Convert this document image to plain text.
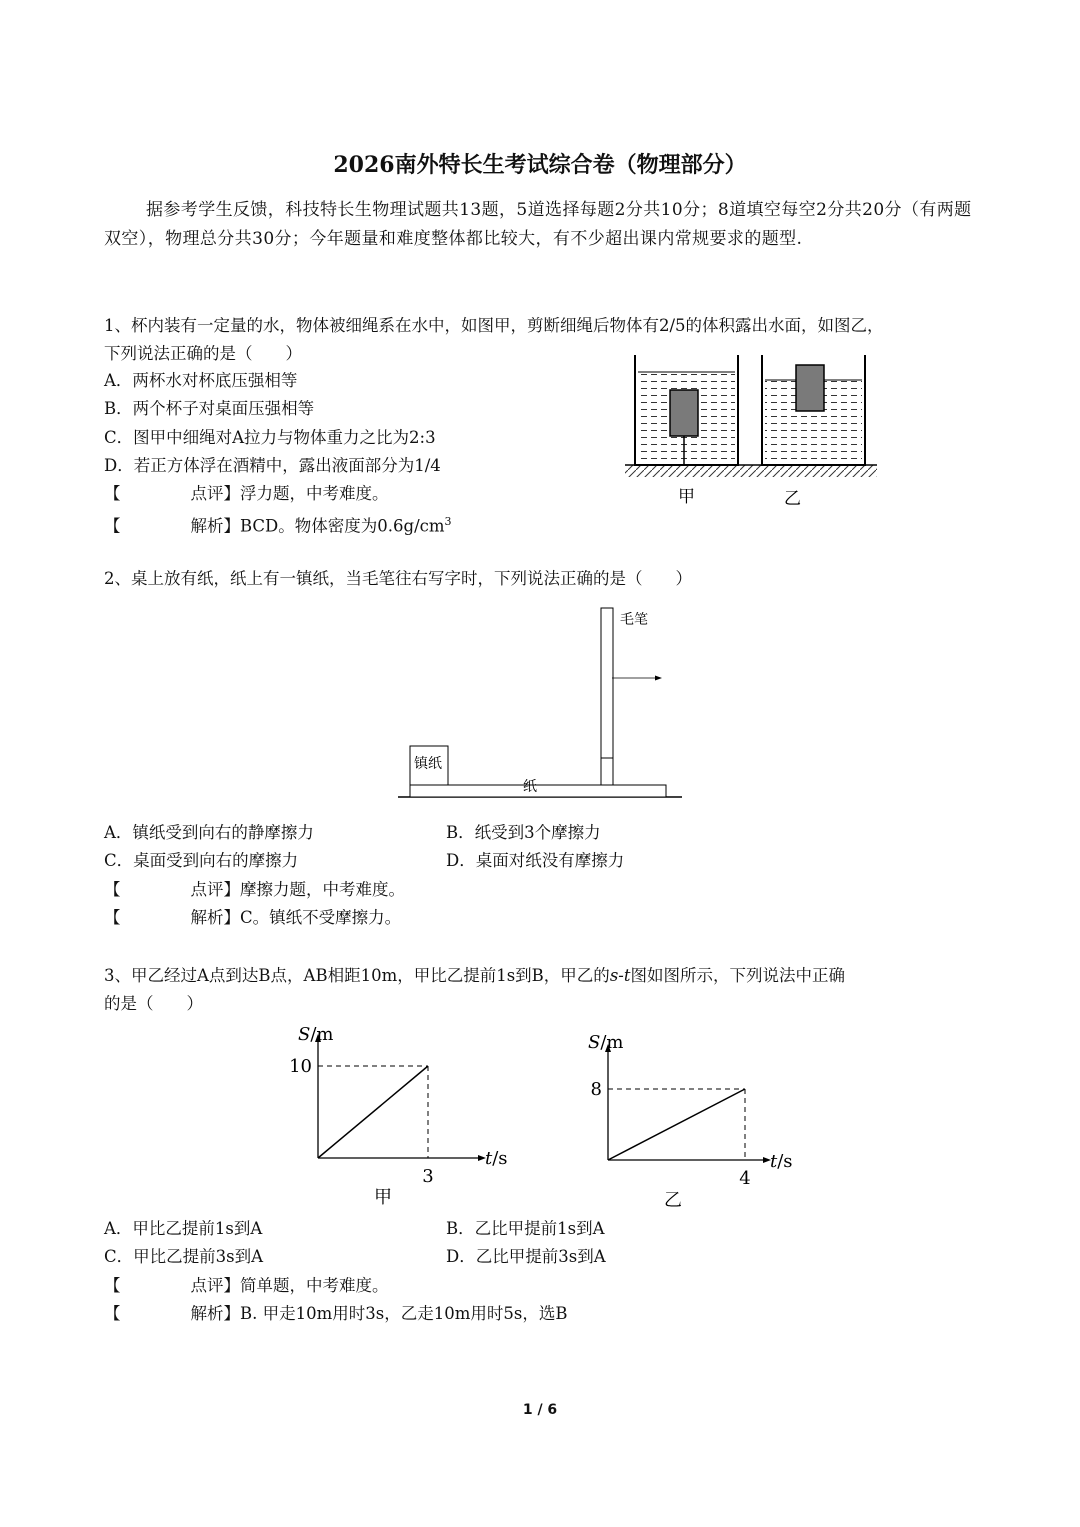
2026南外特长生考试综合卷（物理部分）
据参考学生反馈，科技特长生物理试题共13题，5道选择每题2分共10分；8道填空每空2分共20分（有两题双空），物理总分共30分；今年题量和难度整体都比较大，有不少超出课内常规要求的题型.
1、杯内装有一定量的水，物体被细绳系在水中，如图甲，剪断细绳后物体有2/5的体积露出水面，如图乙，
下列说法正确的是（　　）
A．两杯水对杯底压强相等
B．两个杯子对桌面压强相等
C．图甲中细绳对A拉力与物体重力之比为2:3
D．若正方体浮在酒精中，露出液面部分为1/4
【	点评】浮力题，中考难度。
【	解析】BCD。物体密度为$0.6g/cm^3$
甲	乙
2、桌上放有纸，纸上有一镇纸，当毛笔往右写字时，下列说法正确的是（　　）
纸
镇纸
毛笔
A．镇纸受到向右的静摩擦力	B．纸受到3个摩擦力
C．桌面受到向右的摩擦力	D．桌面对纸没有摩擦力
【	点评】摩擦力题，中考难度。
【	解析】C。镇纸不受摩擦力。
3、甲乙经过A点到达B点，AB相距10m，甲比乙提前1s到B，甲乙的s-t图如图所示，下列说法中正确
的是（　　）
10
3
S/m
t/s
甲
8
4
S/m
t/s
乙
A．甲比乙提前1s到A	B．乙比甲提前1s到A
C．甲比乙提前3s到A	D．乙比甲提前3s到A
【	点评】简单题，中考难度。
【	解析】B. 甲走10m用时3s，乙走10m用时5s，选B
1 / 6
